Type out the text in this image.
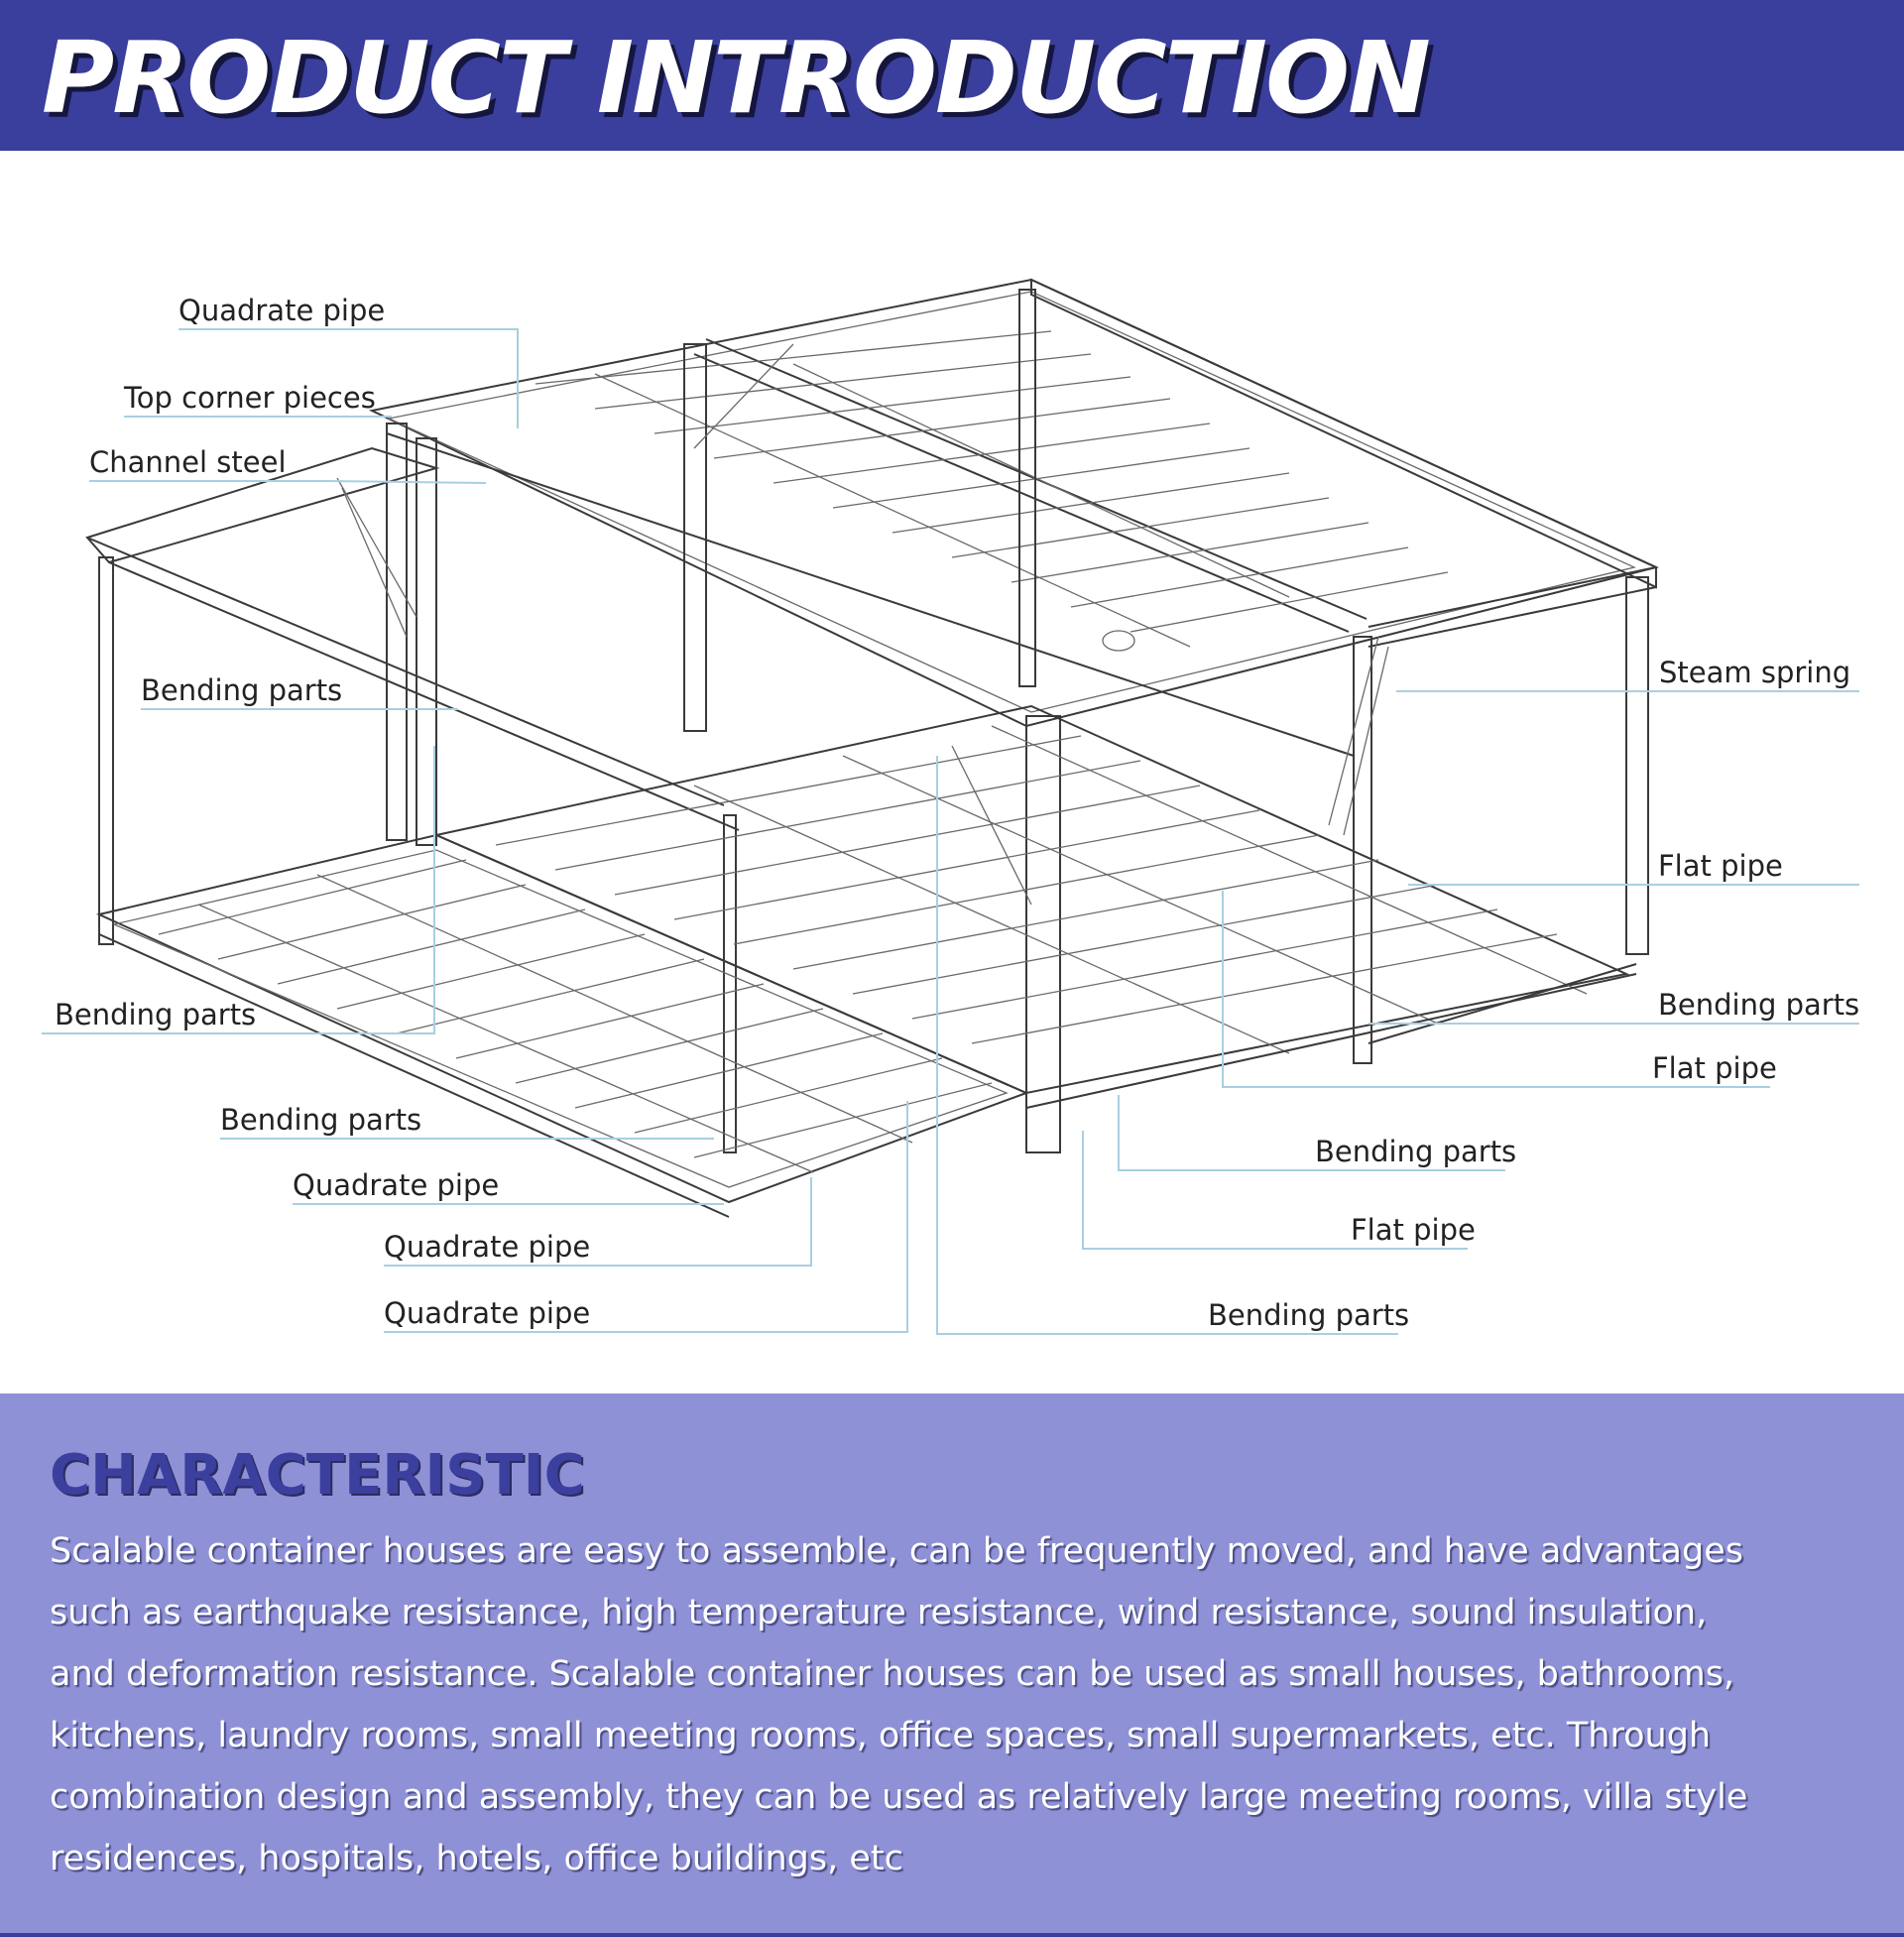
PRODUCT INTRODUCTION
Quadrate pipe
Top corner pieces
Channel steel
Bending parts
Bending parts
Bending parts
Quadrate pipe
Quadrate pipe
Quadrate pipe
Steam spring
Flat pipe
Bending parts
Flat pipe
Bending parts
Flat pipe
Bending parts
CHARACTERISTIC
Scalable container houses are easy to assemble, can be frequently moved, and have advantages
such as earthquake resistance, high temperature resistance, wind resistance, sound insulation,
and deformation resistance. Scalable container houses can be used as small houses, bathrooms,
kitchens, laundry rooms, small meeting rooms, office spaces, small supermarkets, etc. Through
combination design and assembly, they can be used as relatively large meeting rooms, villa style
residences, hospitals, hotels, office buildings, etc
